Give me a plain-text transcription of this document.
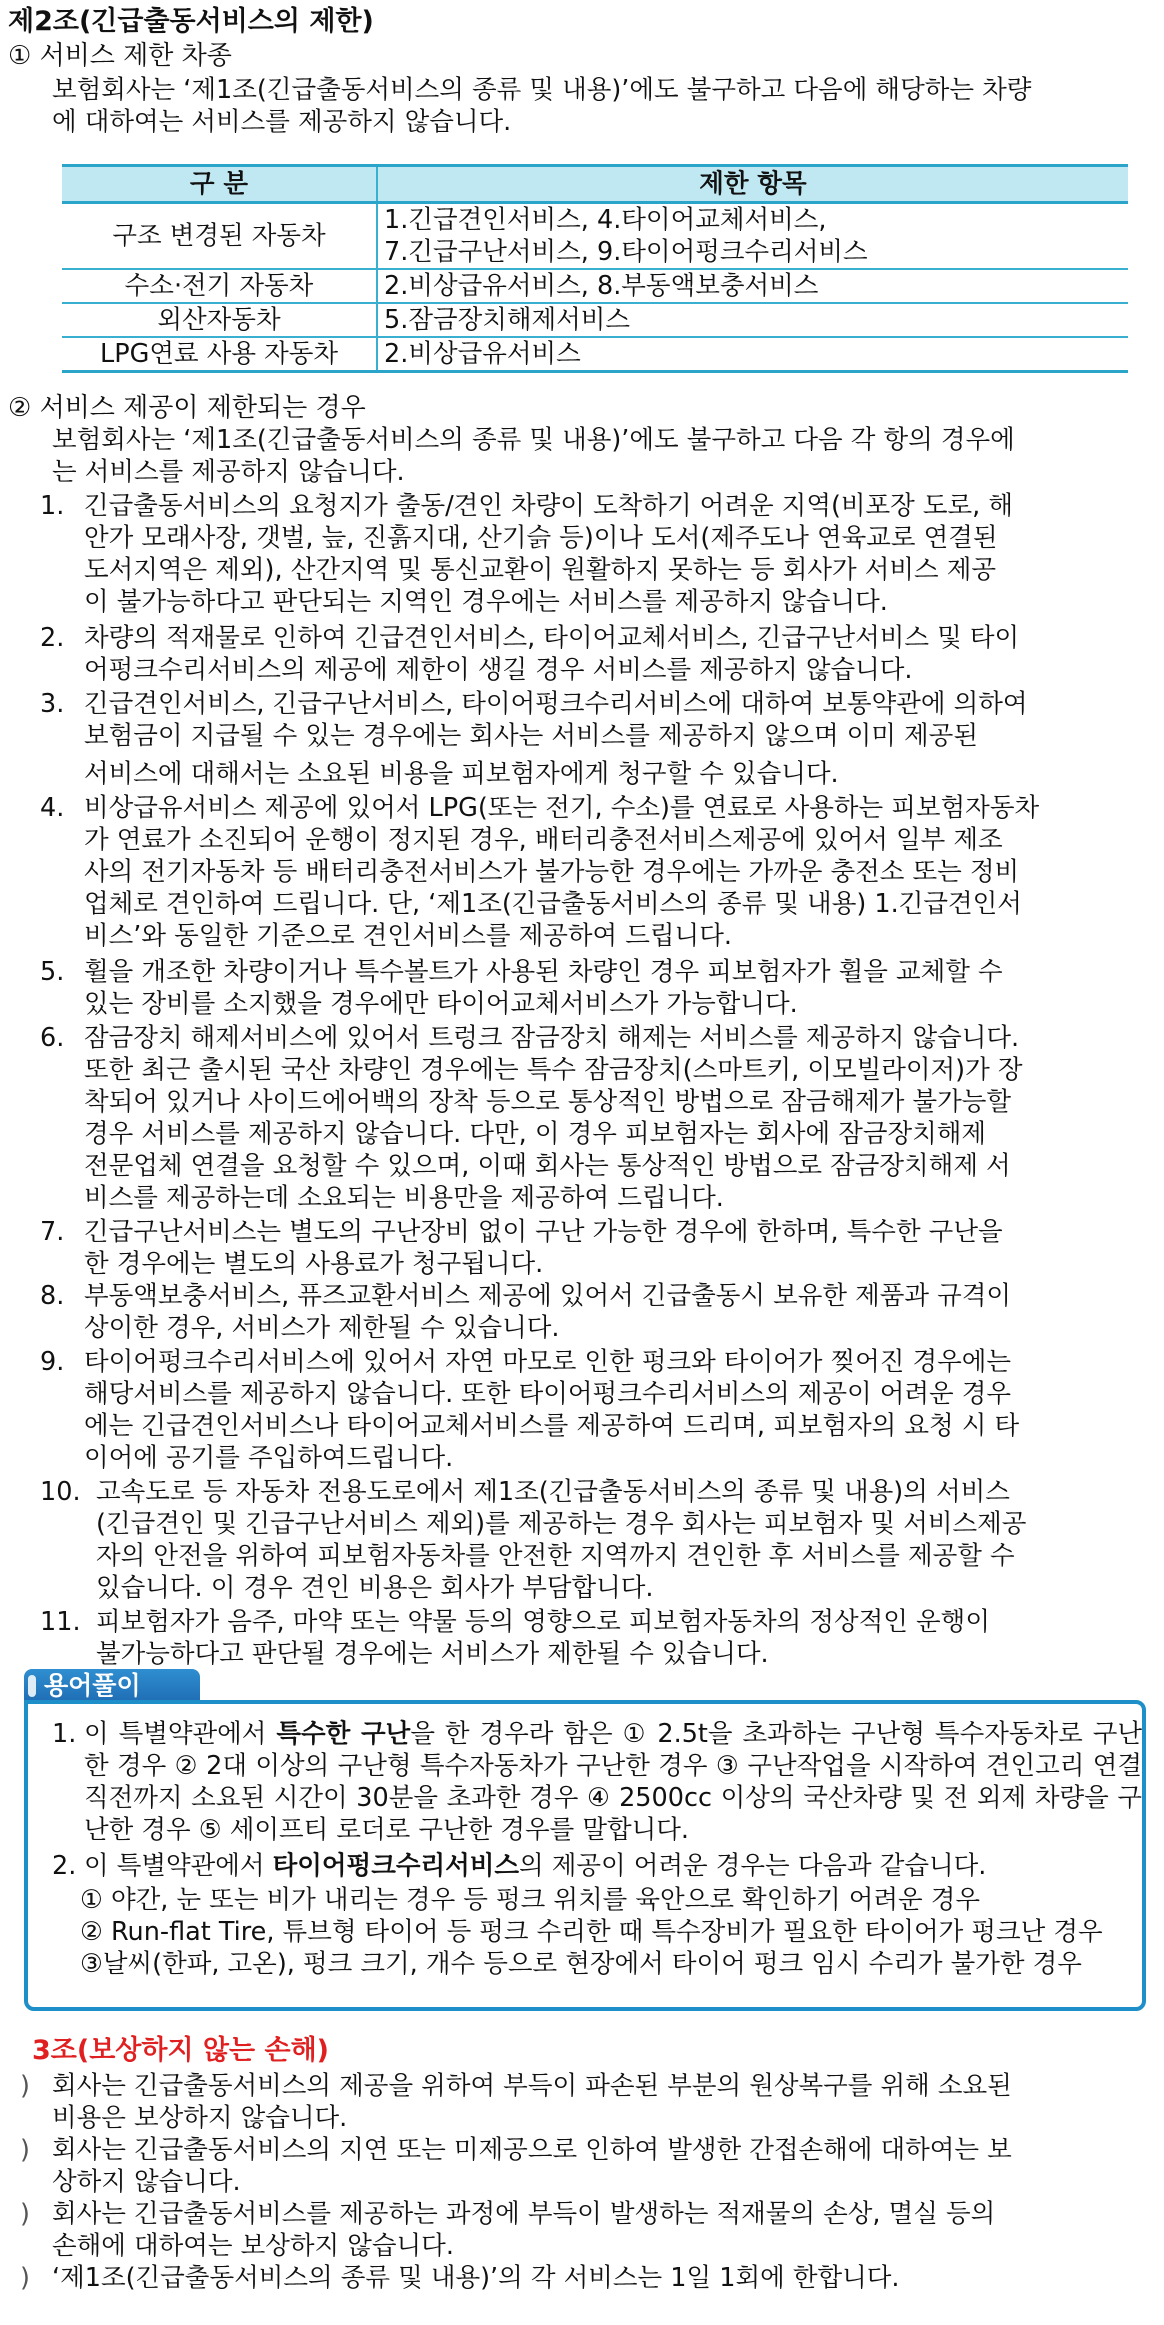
제2조(긴급출동서비스의 제한)
① 서비스 제한 차종
보험회사는 ‘제1조(긴급출동서비스의 종류 및 내용)’에도 불구하고 다음에 해당하는 차량
에 대하여는 서비스를 제공하지 않습니다.
구 분	제한 항목
구조 변경된 자동차	1.긴급견인서비스, 4.타이어교체서비스,
7.긴급구난서비스, 9.타이어펑크수리서비스

수소·전기 자동차	2.비상급유서비스, 8.부동액보충서비스
외산자동차	5.잠금장치해제서비스
LPG연료 사용 자동차	2.비상급유서비스
② 서비스 제공이 제한되는 경우
보험회사는 ‘제1조(긴급출동서비스의 종류 및 내용)’에도 불구하고 다음 각 항의 경우에
는 서비스를 제공하지 않습니다.
1. 긴급출동서비스의 요청지가 출동/견인 차량이 도착하기 어려운 지역(비포장 도로, 해
안가 모래사장, 갯벌, 늪, 진흙지대, 산기슭 등)이나 도서(제주도나 연육교로 연결된
도서지역은 제외), 산간지역 및 통신교환이 원활하지 못하는 등 회사가 서비스 제공
이 불가능하다고 판단되는 지역인 경우에는 서비스를 제공하지 않습니다.
2. 차량의 적재물로 인하여 긴급견인서비스, 타이어교체서비스, 긴급구난서비스 및 타이
어펑크수리서비스의 제공에 제한이 생길 경우 서비스를 제공하지 않습니다.
3. 긴급견인서비스, 긴급구난서비스, 타이어펑크수리서비스에 대하여 보통약관에 의하여
보험금이 지급될 수 있는 경우에는 회사는 서비스를 제공하지 않으며 이미 제공된
서비스에 대해서는 소요된 비용을 피보험자에게 청구할 수 있습니다.
4. 비상급유서비스 제공에 있어서 LPG(또는 전기, 수소)를 연료로 사용하는 피보험자동차
가 연료가 소진되어 운행이 정지된 경우, 배터리충전서비스제공에 있어서 일부 제조
사의 전기자동차 등 배터리충전서비스가 불가능한 경우에는 가까운 충전소 또는 정비
업체로 견인하여 드립니다. 단, ‘제1조(긴급출동서비스의 종류 및 내용) 1.긴급견인서
비스’와 동일한 기준으로 견인서비스를 제공하여 드립니다.
5. 휠을 개조한 차량이거나 특수볼트가 사용된 차량인 경우 피보험자가 휠을 교체할 수
있는 장비를 소지했을 경우에만 타이어교체서비스가 가능합니다.
6. 잠금장치 해제서비스에 있어서 트렁크 잠금장치 해제는 서비스를 제공하지 않습니다.
또한 최근 출시된 국산 차량인 경우에는 특수 잠금장치(스마트키, 이모빌라이저)가 장
착되어 있거나 사이드에어백의 장착 등으로 통상적인 방법으로 잠금해제가 불가능할
경우 서비스를 제공하지 않습니다. 다만, 이 경우 피보험자는 회사에 잠금장치해제
전문업체 연결을 요청할 수 있으며, 이때 회사는 통상적인 방법으로 잠금장치해제 서
비스를 제공하는데 소요되는 비용만을 제공하여 드립니다.
7. 긴급구난서비스는 별도의 구난장비 없이 구난 가능한 경우에 한하며, 특수한 구난을
한 경우에는 별도의 사용료가 청구됩니다.
8. 부동액보충서비스, 퓨즈교환서비스 제공에 있어서 긴급출동시 보유한 제품과 규격이
상이한 경우, 서비스가 제한될 수 있습니다.
9. 타이어펑크수리서비스에 있어서 자연 마모로 인한 펑크와 타이어가 찢어진 경우에는
해당서비스를 제공하지 않습니다. 또한 타이어펑크수리서비스의 제공이 어려운 경우
에는 긴급견인서비스나 타이어교체서비스를 제공하여 드리며, 피보험자의 요청 시 타
이어에 공기를 주입하여드립니다.
10. 고속도로 등 자동차 전용도로에서 제1조(긴급출동서비스의 종류 및 내용)의 서비스
(긴급견인 및 긴급구난서비스 제외)를 제공하는 경우 회사는 피보험자 및 서비스제공
자의 안전을 위하여 피보험자동차를 안전한 지역까지 견인한 후 서비스를 제공할 수
있습니다. 이 경우 견인 비용은 회사가 부담합니다.
11. 피보험자가 음주, 마약 또는 약물 등의 영향으로 피보험자동차의 정상적인 운행이
불가능하다고 판단될 경우에는 서비스가 제한될 수 있습니다.
용어풀이
1. 이 특별약관에서 특수한 구난을 한 경우라 함은 ① 2.5t을 초과하는 구난형 특수자동차로 구난한 경우 ② 2대 이상의 구난형 특수자동차가 구난한 경우 ③ 구난작업을 시작하여 견인고리 연결직전까지 소요된 시간이 30분을 초과한 경우 ④ 2500cc 이상의 국산차량 및 전 외제 차량을 구난한 경우 ⑤ 세이프티 로더로 구난한 경우를 말합니다.
2. 이 특별약관에서 타이어펑크수리서비스의 제공이 어려운 경우는 다음과 같습니다.
① 야간, 눈 또는 비가 내리는 경우 등 펑크 위치를 육안으로 확인하기 어려운 경우
② Run-flat Tire, 튜브형 타이어 등 펑크 수리한 때 특수장비가 필요한 타이어가 펑크난 경우
③날씨(한파, 고온), 펑크 크기, 개수 등으로 현장에서 타이어 펑크 임시 수리가 불가한 경우
3조(보상하지 않는 손해)
) 회사는 긴급출동서비스의 제공을 위하여 부득이 파손된 부분의 원상복구를 위해 소요된
비용은 보상하지 않습니다.
) 회사는 긴급출동서비스의 지연 또는 미제공으로 인하여 발생한 간접손해에 대하여는 보
상하지 않습니다.
) 회사는 긴급출동서비스를 제공하는 과정에 부득이 발생하는 적재물의 손상, 멸실 등의
손해에 대하여는 보상하지 않습니다.
) ‘제1조(긴급출동서비스의 종류 및 내용)’의 각 서비스는 1일 1회에 한합니다.
